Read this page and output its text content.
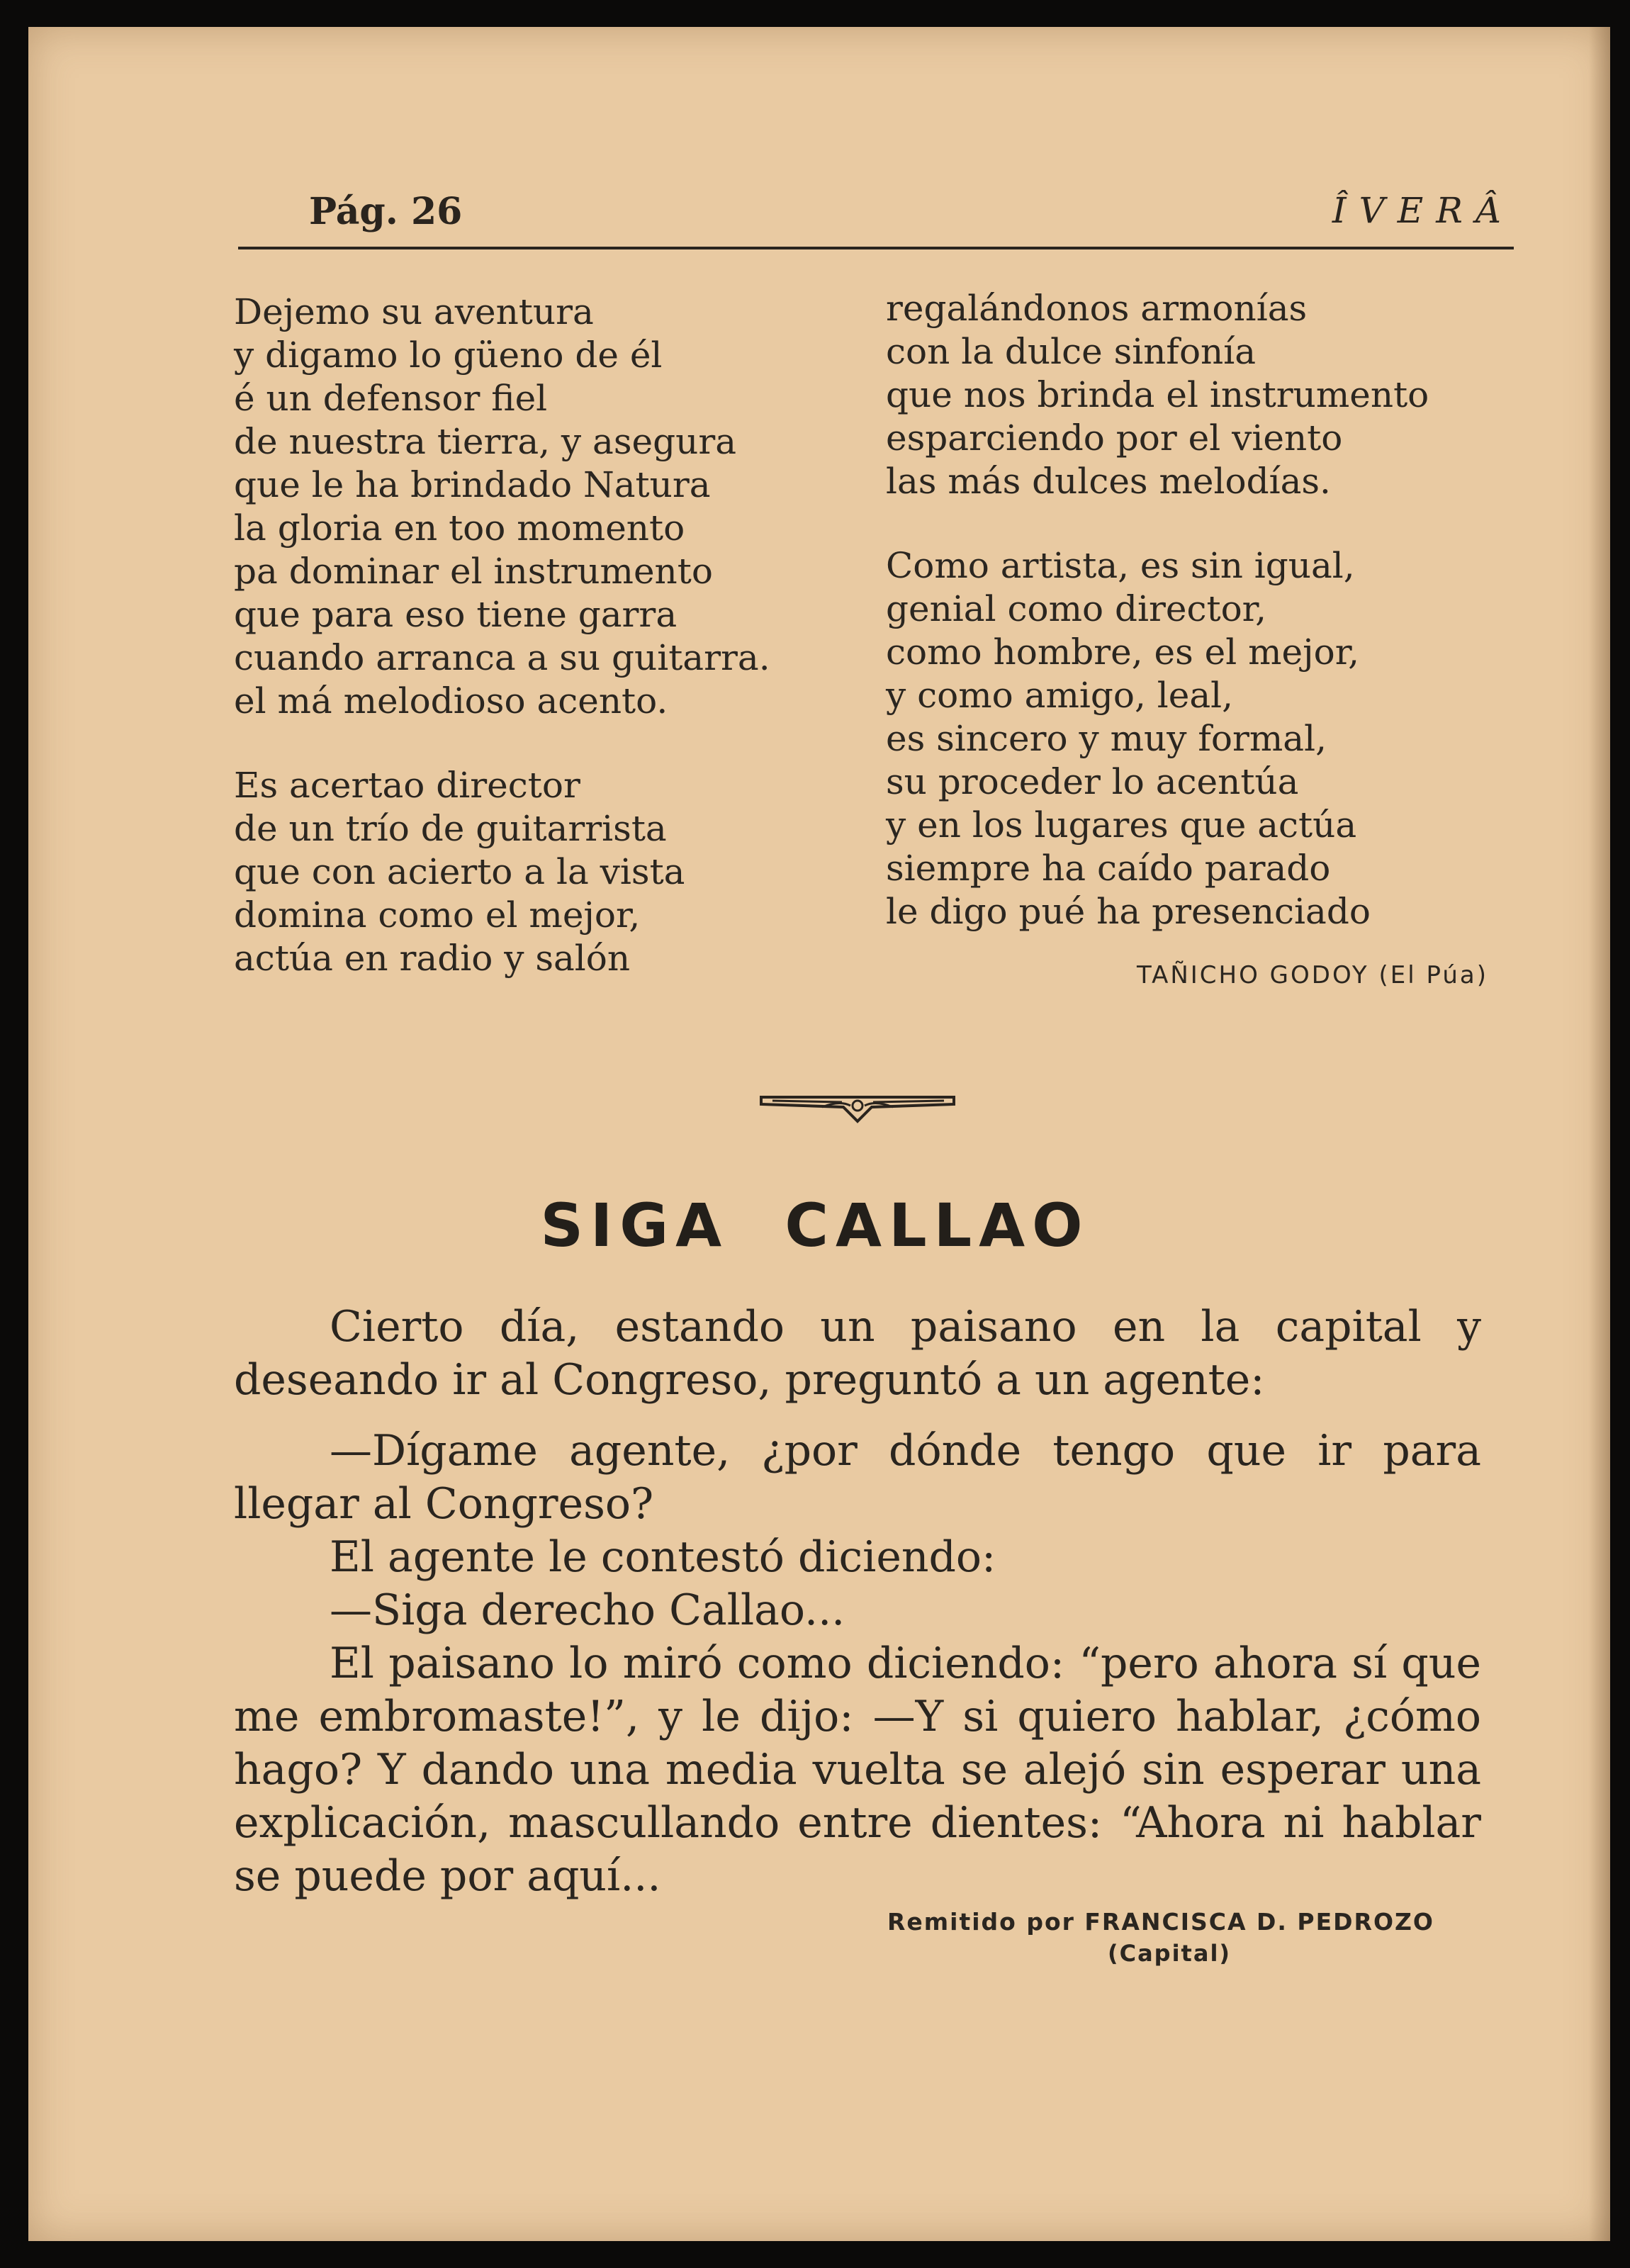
Pág. 26	ÎVERÂ
Dejemo su aventura
y digamo lo güeno de él
é un defensor fiel
de nuestra tierra, y asegura
que le ha brindado Natura
la gloria en too momento
pa dominar el instrumento
que para eso tiene garra
cuando arranca a su guitarra.
el má melodioso acento.
Es acertao director
de un trío de guitarrista
que con acierto a la vista
domina como el mejor,
actúa en radio y salón
regalándonos armonías
con la dulce sinfonía
que nos brinda el instrumento
esparciendo por el viento
las más dulces melodías.
Como artista, es sin igual,
genial como director,
como hombre, es el mejor,
y como amigo, leal,
es sincero y muy formal,
su proceder lo acentúa
y en los lugares que actúa
siempre ha caído parado
le digo pué ha presenciado
TAÑICHO GODOY (El Púa)
SIGA CALLAO

Cierto día, estando un paisano en la capital y deseando ir al Congreso, preguntó a un agente:

—Dígame agente, ¿por dónde tengo que ir para llegar al Congreso?

El agente le contestó diciendo:

—Siga derecho Callao...

El paisano lo miró como diciendo: “pero ahora sí que me embromaste!”, y le dijo: —Y si quiero hablar, ¿cómo hago? Y dando una media vuelta se alejó sin esperar una explicación, mascullando entre dientes: “Ahora ni hablar se puede por aquí...

Remitido por FRANCISCA D. PEDROZO
(Capital)
